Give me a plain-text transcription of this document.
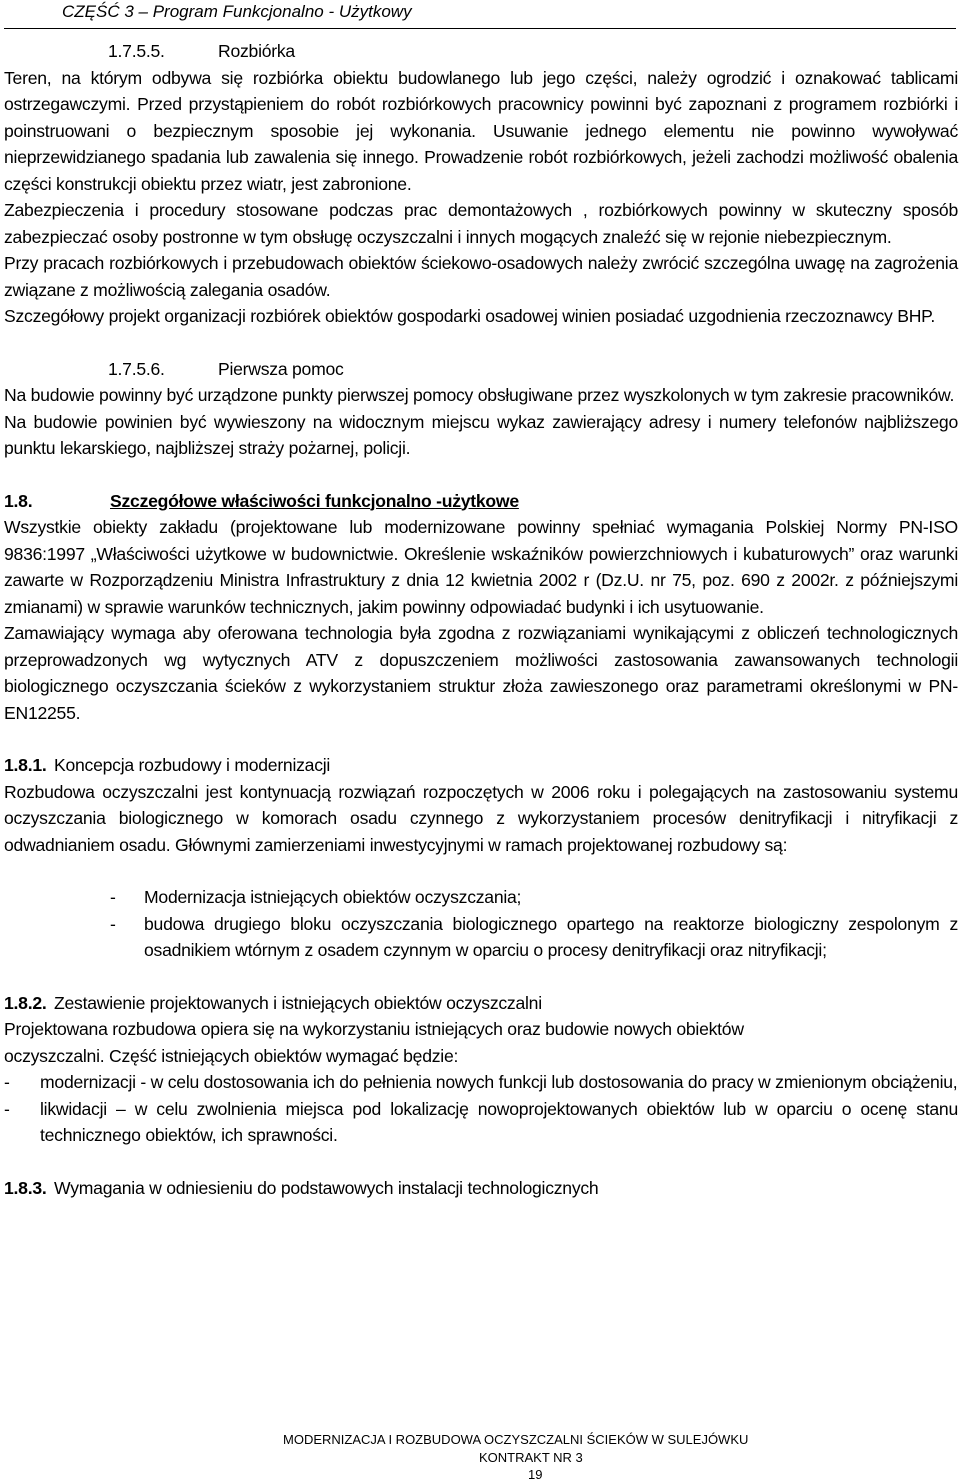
CZĘŚĆ 3 – Program Funkcjonalno - Użytkowy
1.7.5.5.	Rozbiórka

Teren, na którym odbywa się rozbiórka obiektu budowlanego lub jego części, należy ogrodzić i oznakować tablicami ostrzegawczymi. Przed przystąpieniem do robót rozbiórkowych pracownicy powinni być zapoznani z programem rozbiórki i poinstruowani o bezpiecznym sposobie jej wykonania. Usuwanie jednego elementu nie powinno wywoływać nieprzewidzianego spadania lub zawalenia się innego. Prowadzenie robót rozbiórkowych, jeżeli zachodzi możliwość obalenia części konstrukcji obiektu przez wiatr, jest zabronione.

Zabezpieczenia i procedury stosowane podczas prac demontażowych , rozbiórkowych powinny w skuteczny sposób zabezpieczać osoby postronne w tym obsługę oczyszczalni i innych mogących znaleźć się w rejonie niebezpiecznym.

Przy pracach rozbiórkowych i przebudowach obiektów ściekowo-osadowych należy zwrócić szczególna uwagę na zagrożenia związane z możliwością zalegania osadów.

Szczegółowy projekt organizacji rozbiórek obiektów gospodarki osadowej winien posiadać uzgodnienia rzeczoznawcy BHP.

1.7.5.6.	Pierwsza pomoc

Na budowie powinny być urządzone punkty pierwszej pomocy obsługiwane przez wyszkolonych w tym zakresie pracowników.

Na budowie powinien być wywieszony na widocznym miejscu wykaz zawierający adresy i numery telefonów najbliższego punktu lekarskiego, najbliższej straży pożarnej, policji.

1.8.	Szczegółowe właściwości funkcjonalno -użytkowe

Wszystkie obiekty zakładu (projektowane lub modernizowane powinny spełniać wymagania Polskiej Normy PN-ISO 9836:1997 „Właściwości użytkowe w budownictwie. Określenie wskaźników powierzchniowych i kubaturowych” oraz warunki zawarte w Rozporządzeniu Ministra Infrastruktury z dnia 12 kwietnia 2002 r (Dz.U. nr 75, poz. 690 z 2002r. z późniejszymi zmianami) w sprawie warunków technicznych, jakim powinny odpowiadać budynki i ich usytuowanie.

Zamawiający wymaga aby oferowana technologia była zgodna z rozwiązaniami wynikającymi z obliczeń technologicznych przeprowadzonych wg wytycznych ATV z dopuszczeniem możliwości zastosowania zawansowanych technologii biologicznego oczyszczania ścieków z wykorzystaniem struktur złoża zawieszonego oraz parametrami określonymi w PN-EN12255.

1.8.1. Koncepcja rozbudowy i modernizacji

Rozbudowa oczyszczalni jest kontynuacją rozwiązań rozpoczętych w 2006 roku i polegających na zastosowaniu systemu oczyszczania biologicznego w komorach osadu czynnego z wykorzystaniem procesów denitryfikacji i nitryfikacji z odwadnianiem osadu. Głównymi zamierzeniami inwestycyjnymi w ramach projektowanej rozbudowy są:

- Modernizacja istniejących obiektów oczyszczania;
- budowa drugiego bloku oczyszczania biologicznego opartego na reaktorze biologiczny zespolonym z osadnikiem wtórnym z osadem czynnym w oparciu o procesy denitryfikacji oraz nitryfikacji;
1.8.2. Zestawienie projektowanych i istniejących obiektów oczyszczalni

Projektowana rozbudowa opiera się na wykorzystaniu istniejących oraz budowie nowych obiektów

oczyszczalni. Część istniejących obiektów wymagać będzie:

- modernizacji - w celu dostosowania ich do pełnienia nowych funkcji lub dostosowania do pracy w zmienionym obciążeniu,
- likwidacji – w celu zwolnienia miejsca pod lokalizację nowoprojektowanych obiektów lub w oparciu o ocenę stanu technicznego obiektów, ich sprawności.
1.8.3. Wymagania w odniesieniu do podstawowych instalacji technologicznych
MODERNIZACJA I ROZBUDOWA OCZYSZCZALNI ŚCIEKÓW W SULEJÓWKU
KONTRAKT NR 3
19
